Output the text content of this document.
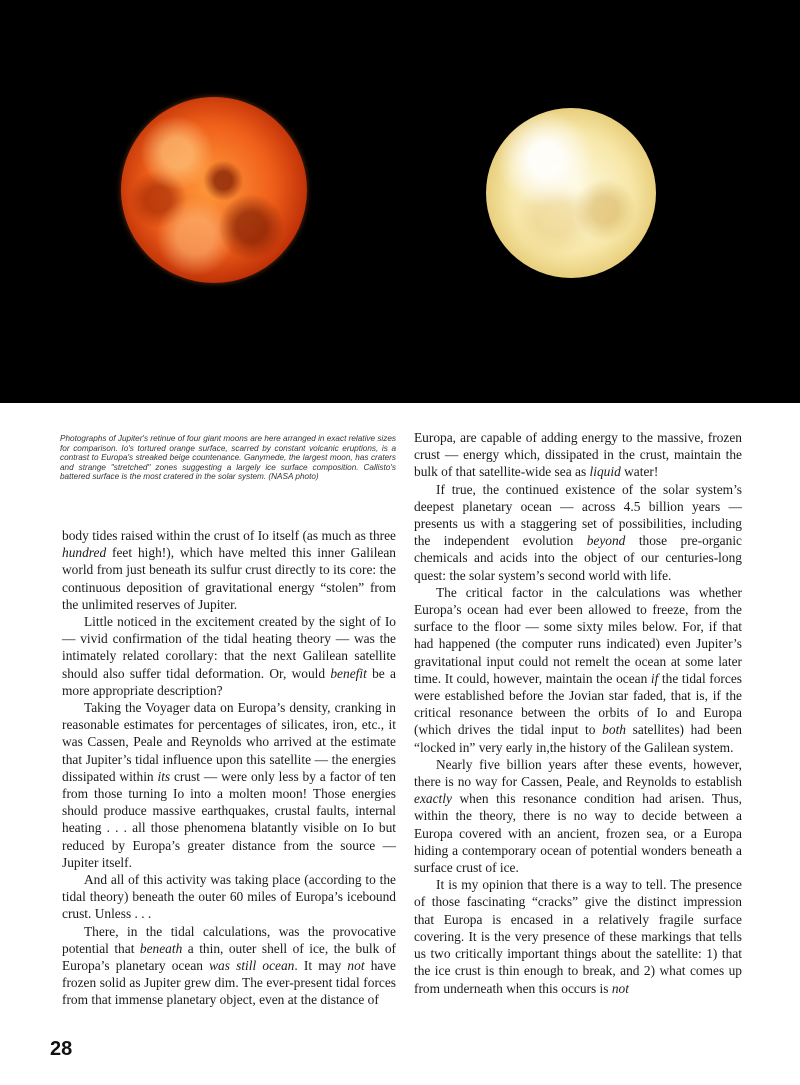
Photographs of Jupiter's retinue of four giant moons are here arranged in exact relative sizes for comparison. Io's tortured orange surface, scarred by constant volcanic eruptions, is a contrast to Europa's streaked beige countenance. Ganymede, the largest moon, has craters and strange "stretched" zones suggesting a largely ice surface composition. Callisto's battered surface is the most cratered in the solar system. (NASA photo)

body tides raised within the crust of Io itself (as much as three hundred feet high!), which have melted this inner Galilean world from just beneath its sulfur crust directly to its core: the continuous deposition of gravitational energy “stolen” from the unlimited reserves of Jupiter.

Little noticed in the excitement created by the sight of Io — vivid confirmation of the tidal heating theory — was the intimately related corollary: that the next Galilean satellite should also suffer tidal deformation. Or, would benefit be a more appropriate description?

Taking the Voyager data on Europa’s density, cranking in reasonable estimates for percentages of silicates, iron, etc., it was Cassen, Peale and Reynolds who arrived at the estimate that Jupiter’s tidal influence upon this satellite — the energies dissipated within its crust — were only less by a factor of ten from those turning Io into a molten moon! Those energies should produce massive earthquakes, crustal faults, internal heating . . . all those phenomena blatantly visible on Io but reduced by Europa’s greater distance from the source — Jupiter itself.

And all of this activity was taking place (according to the tidal theory) beneath the outer 60 miles of Europa’s icebound crust. Unless . . .

There, in the tidal calculations, was the provocative potential that beneath a thin, outer shell of ice, the bulk of Europa’s planetary ocean was still ocean. It may not have frozen solid as Jupiter grew dim. The ever-present tidal forces from that immense planetary object, even at the distance of

Europa, are capable of adding energy to the massive, frozen crust — energy which, dissipated in the crust, maintain the bulk of that satellite-wide sea as liquid water!

If true, the continued existence of the solar system’s deepest planetary ocean — across 4.5 billion years — presents us with a staggering set of possibilities, including the independent evolution beyond those pre-organic chemicals and acids into the object of our centuries-long quest: the solar system’s second world with life.

The critical factor in the calculations was whether Europa’s ocean had ever been allowed to freeze, from the surface to the floor — some sixty miles below. For, if that had happened (the computer runs indicated) even Jupiter’s gravitational input could not remelt the ocean at some later time. It could, however, maintain the ocean if the tidal forces were established before the Jovian star faded, that is, if the critical resonance between the orbits of Io and Europa (which drives the tidal input to both satellites) had been “locked in” very early in,the history of the Galilean system.

Nearly five billion years after these events, however, there is no way for Cassen, Peale, and Reynolds to establish exactly when this resonance condition had arisen. Thus, within the theory, there is no way to decide between a Europa covered with an ancient, frozen sea, or a Europa hiding a contemporary ocean of potential wonders beneath a surface crust of ice.

It is my opinion that there is a way to tell. The presence of those fascinating “cracks” give the distinct impression that Europa is encased in a relatively fragile surface covering. It is the very presence of these markings that tells us two critically important things about the satellite: 1) that the ice crust is thin enough to break, and 2) what comes up from underneath when this occurs is not

28
